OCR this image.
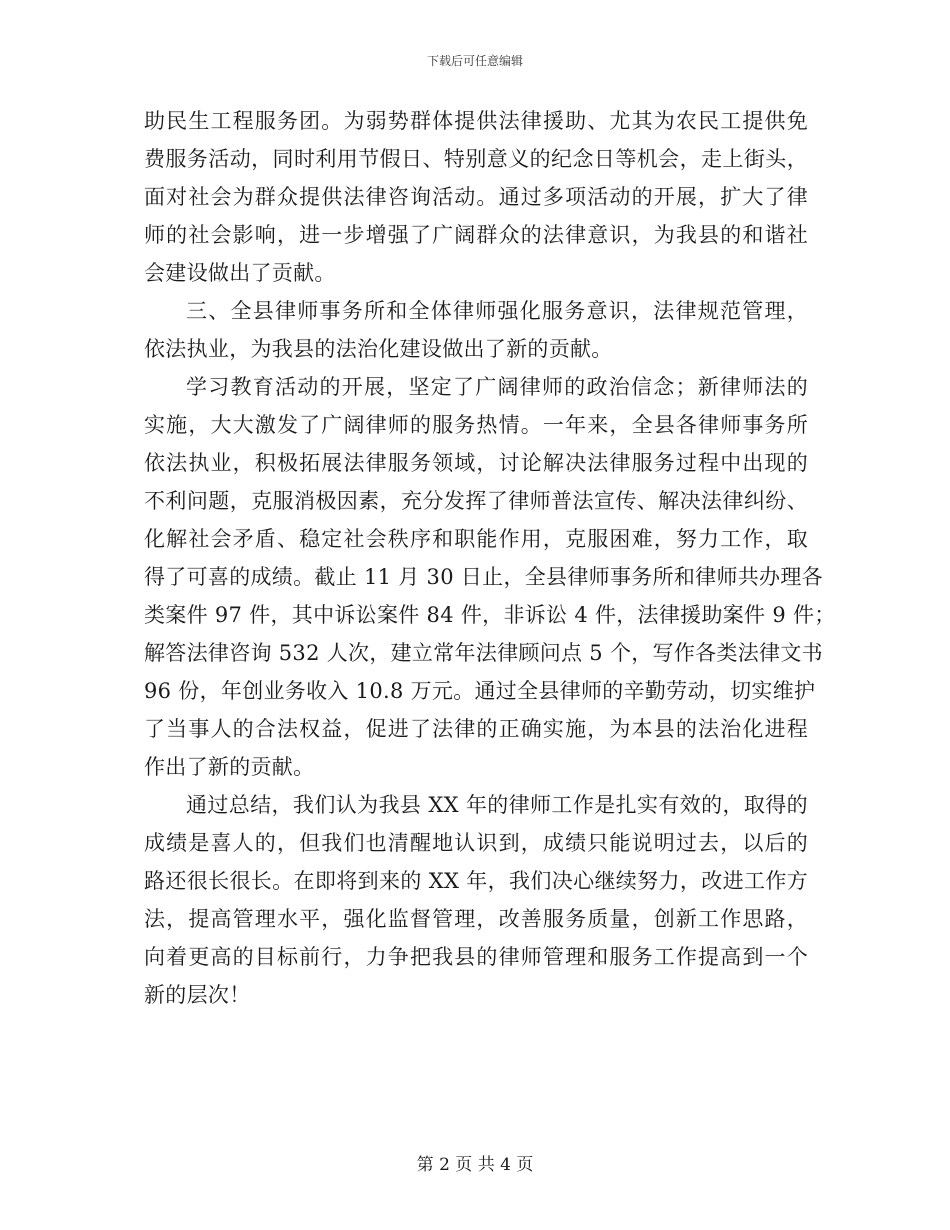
下载后可任意编辑
助民生工程服务团。为弱势群体提供法律援助、尤其为农民工提供免
费服务活动，同时利用节假日、特别意义的纪念日等机会，走上街头，
面对社会为群众提供法律咨询活动。通过多项活动的开展，扩大了律
师的社会影响，进一步增强了广阔群众的法律意识，为我县的和谐社
会建设做出了贡献。
三、全县律师事务所和全体律师强化服务意识，法律规范管理，
依法执业，为我县的法治化建设做出了新的贡献。
学习教育活动的开展，坚定了广阔律师的政治信念；新律师法的
实施，大大激发了广阔律师的服务热情。一年来，全县各律师事务所
依法执业，积极拓展法律服务领域，讨论解决法律服务过程中出现的
不利问题，克服消极因素，充分发挥了律师普法宣传、解决法律纠纷、
化解社会矛盾、稳定社会秩序和职能作用，克服困难，努力工作，取
得了可喜的成绩。截止 11 月 30 日止，全县律师事务所和律师共办理各
类案件 97 件，其中诉讼案件 84 件，非诉讼 4 件，法律援助案件 9 件；
解答法律咨询 532 人次，建立常年法律顾问点 5 个，写作各类法律文书
96 份，年创业务收入 10.8 万元。通过全县律师的辛勤劳动，切实维护
了当事人的合法权益，促进了法律的正确实施，为本县的法治化进程
作出了新的贡献。
通过总结，我们认为我县 XX 年的律师工作是扎实有效的，取得的
成绩是喜人的，但我们也清醒地认识到，成绩只能说明过去，以后的
路还很长很长。在即将到来的 XX 年，我们决心继续努力，改进工作方
法，提高管理水平，强化监督管理，改善服务质量，创新工作思路，
向着更高的目标前行，力争把我县的律师管理和服务工作提高到一个
新的层次！
第 2 页 共 4 页
